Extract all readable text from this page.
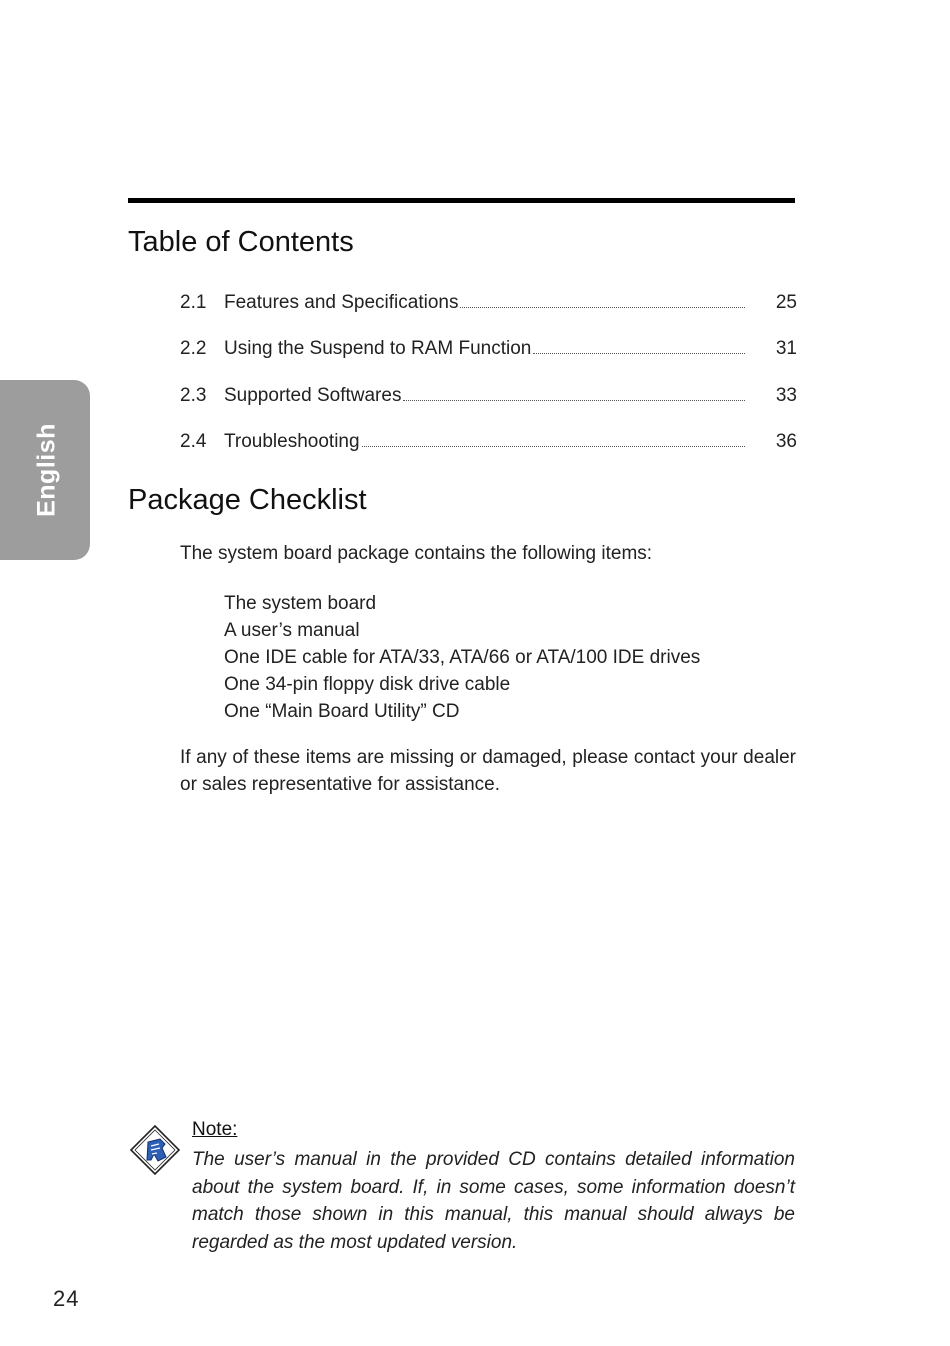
English
Table of Contents
2.1 Features and Specifications	25
2.2 Using the Suspend to RAM Function	31
2.3 Supported Softwares	33
2.4 Troubleshooting	36
Package Checklist
The system board package contains the following items:
The system board
A user’s manual
One IDE cable for ATA/33, ATA/66 or ATA/100 IDE drives
One 34-pin floppy disk drive cable
One “Main Board Utility” CD
If any of these items are missing or damaged, please contact your dealer or sales representative for assistance.
Note:
The user’s manual in the provided CD contains detailed information about the system board. If, in some cases, some information doesn’t match those shown in this manual, this manual should always be regarded as the most updated version.
24
